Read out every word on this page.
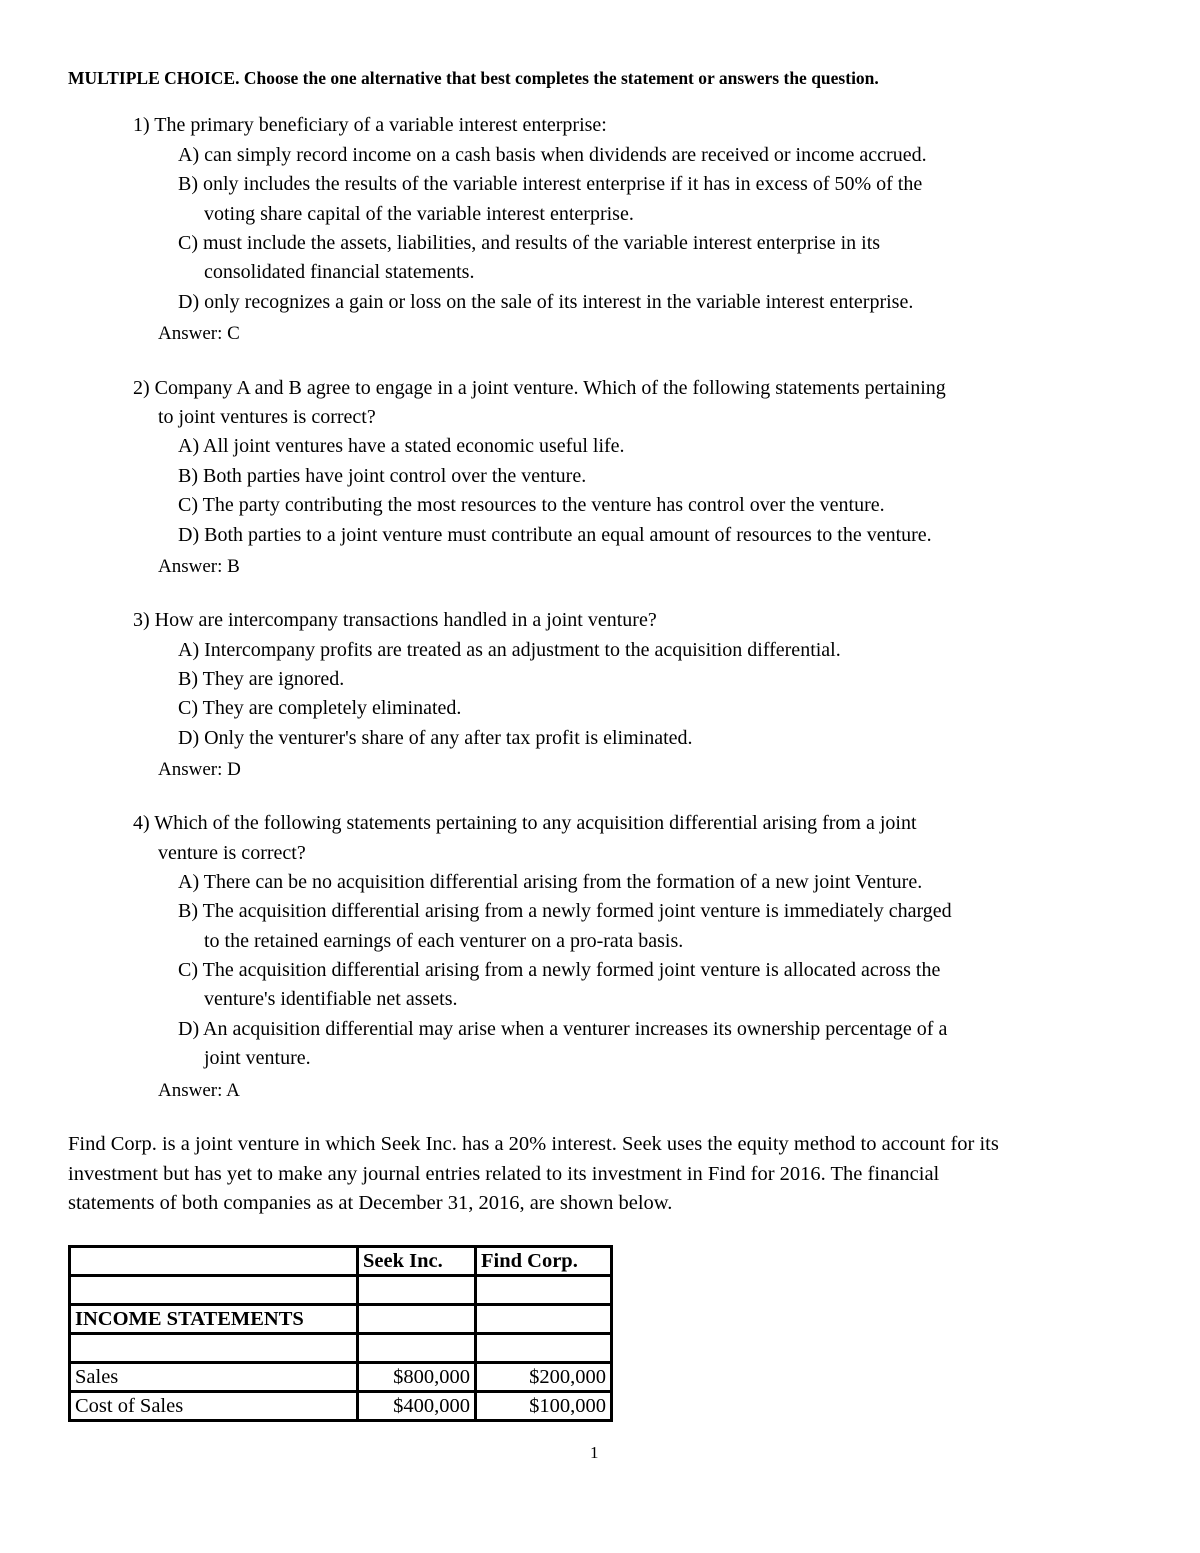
MULTIPLE CHOICE. Choose the one alternative that best completes the statement or answers the question.
1) The primary beneficiary of a variable interest enterprise:
A) can simply record income on a cash basis when dividends are received or income accrued.
B) only includes the results of the variable interest enterprise if it has in excess of 50% of the
voting share capital of the variable interest enterprise.
C) must include the assets, liabilities, and results of the variable interest enterprise in its
consolidated financial statements.
D) only recognizes a gain or loss on the sale of its interest in the variable interest enterprise.
Answer: C
2) Company A and B agree to engage in a joint venture. Which of the following statements pertaining
to joint ventures is correct?
A) All joint ventures have a stated economic useful life.
B) Both parties have joint control over the venture.
C) The party contributing the most resources to the venture has control over the venture.
D) Both parties to a joint venture must contribute an equal amount of resources to the venture.
Answer: B
3) How are intercompany transactions handled in a joint venture?
A) Intercompany profits are treated as an adjustment to the acquisition differential.
B) They are ignored.
C) They are completely eliminated.
D) Only the venturer's share of any after tax profit is eliminated.
Answer: D
4) Which of the following statements pertaining to any acquisition differential arising from a joint
venture is correct?
A) There can be no acquisition differential arising from the formation of a new joint Venture.
B) The acquisition differential arising from a newly formed joint venture is immediately charged
to the retained earnings of each venturer on a pro-rata basis.
C) The acquisition differential arising from a newly formed joint venture is allocated across the
venture's identifiable net assets.
D) An acquisition differential may arise when a venturer increases its ownership percentage of a
joint venture.
Answer: A
Find Corp. is a joint venture in which Seek Inc. has a 20% interest. Seek uses the equity method to account for its
investment but has yet to make any journal entries related to its investment in Find for 2016. The financial
statements of both companies as at December 31, 2016, are shown below.
	Seek Inc.	Find Corp.

INCOME STATEMENTS		

Sales	$800,000	$200,000
Cost of Sales	$400,000	$100,000
1
